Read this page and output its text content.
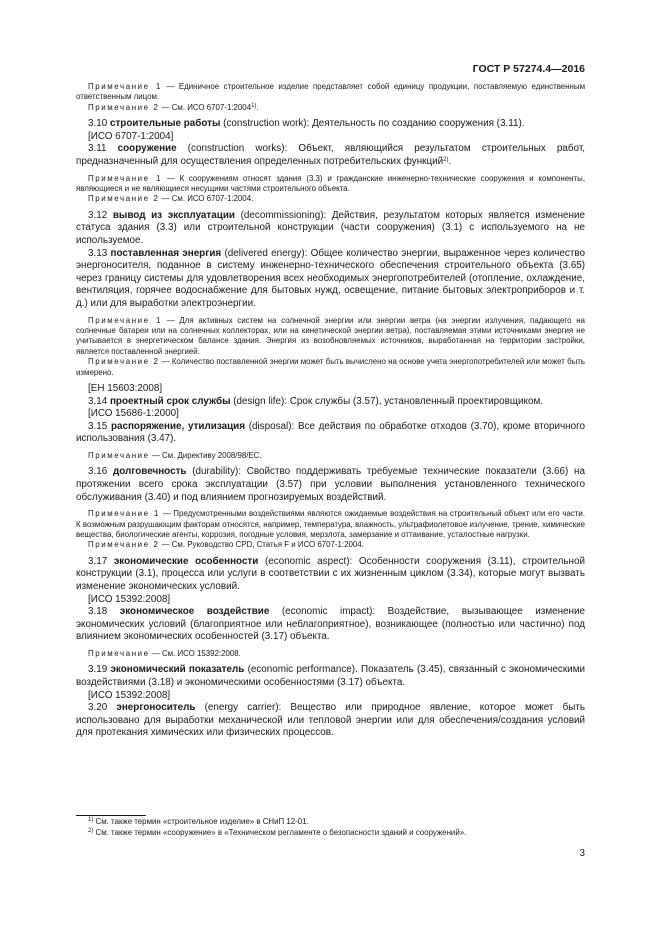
ГОСТ Р 57274.4—2016

Примечание 1 — Единичное строительное изделие представляет собой единицу продукции, поставляемую единственным ответственным лицом.

Примечание 2 — См. ИСО 6707-1:2004$^{1)}$.

3.10 строительные работы (construction work): Деятельность по созданию сооружения (3.11).

[ИСО 6707-1:2004]

3.11 сооружение (construction works): Объект, являющийся результатом строительных работ, предназначенный для осуществления определенных потребительских функций$^{2)}$.

Примечание 1 — К сооружениям относят здания (3.3) и гражданские инженерно-технические сооружения и компоненты, являющиеся и не являющиеся несущими частями строительного объекта.

Примечание 2 — См. ИСО 6707-1:2004.

3.12 вывод из эксплуатации (decommissioning): Действия, результатом которых является изменение статуса здания (3.3) или строительной конструкции (части сооружения) (3.1) с используемого на не используемое.

3.13 поставленная энергия (delivered energy): Общее количество энергии, выраженное через количество энергоносителя, поданное в систему инженерно-технического обеспечения строительного объекта (3.65) через границу системы для удовлетворения всех необходимых энергопотребителей (отопление, охлаждение, вентиляция, горячее водоснабжение для бытовых нужд, освещение, питание бытовых электроприборов и т. д.) или для выработки электроэнергии.

Примечание 1 — Для активных систем на солнечной энергии или энергии ветра (на энергии излучения, падающего на солнечные батареи или на солнечных коллекторах, или на кинетической энергии ветра), поставляемая этими источниками энергия не учитывается в энергетическом балансе здания. Энергия из возобновляемых источников, выработанная на территории застройки, является поставленной энергией.

Примечание 2 — Количество поставленной энергии может быть вычислено на основе учета энергопотребителей или может быть измерено.

[ЕН 15603:2008]

3.14 проектный срок службы (design life): Срок службы (3.57), установленный проектировщиком.

[ИСО 15686-1:2000]

3.15 распоряжение, утилизация (disposal): Все действия по обработке отходов (3.70), кроме вторичного использования (3.47).

Примечание — См. Директиву 2008/98/ЕС.

3.16 долговечность (durability): Свойство поддерживать требуемые технические показатели (3.66) на протяжении всего срока эксплуатации (3.57) при условии выполнения установленного технического обслуживания (3.40) и под влиянием прогнозируемых воздействий.

Примечание 1 — Предусмотренными воздействиями являются ожидаемые воздействия на строительный объект или его части. К возможным разрушающим факторам относятся, например, температура, влажность, ультрафиолетовое излучение, трение, химические вещества, биологические агенты, коррозия, погодные условия, мерзлота, замерзание и оттаивание, усталостные нагрузки.

Примечание 2 — См. Руководство CPD, Статья F и ИСО 6707-1:2004.

3.17 экономические особенности (economic aspect): Особенности сооружения (3.11), строительной конструкции (3.1), процесса или услуги в соответствии с их жизненным циклом (3.34), которые могут вызвать изменение экономических условий.

[ИСО 15392:2008]

3.18 экономическое воздействие (economic impact): Воздействие, вызывающее изменение экономических условий (благоприятное или неблагоприятное), возникающее (полностью или частично) под влиянием экономических особенностей (3.17) объекта.

Примечание — См. ИСО 15392:2008.

3.19 экономический показатель (economic performance). Показатель (3.45), связанный с экономическими воздействиями (3.18) и экономическими особенностями (3.17) объекта.

[ИСО 15392:2008]

3.20 энергоноситель (energy carrier): Вещество или природное явление, которое может быть использовано для выработки механической или тепловой энергии или для обеспечения/создания условий для протекания химических или физических процессов.

$^{1)}$ См. также термин «строительное изделие» в СНиП 12-01.
$^{2)}$ См. также термин «сооружение» в «Техническом регламенте о безопасности зданий и сооружений».
3
